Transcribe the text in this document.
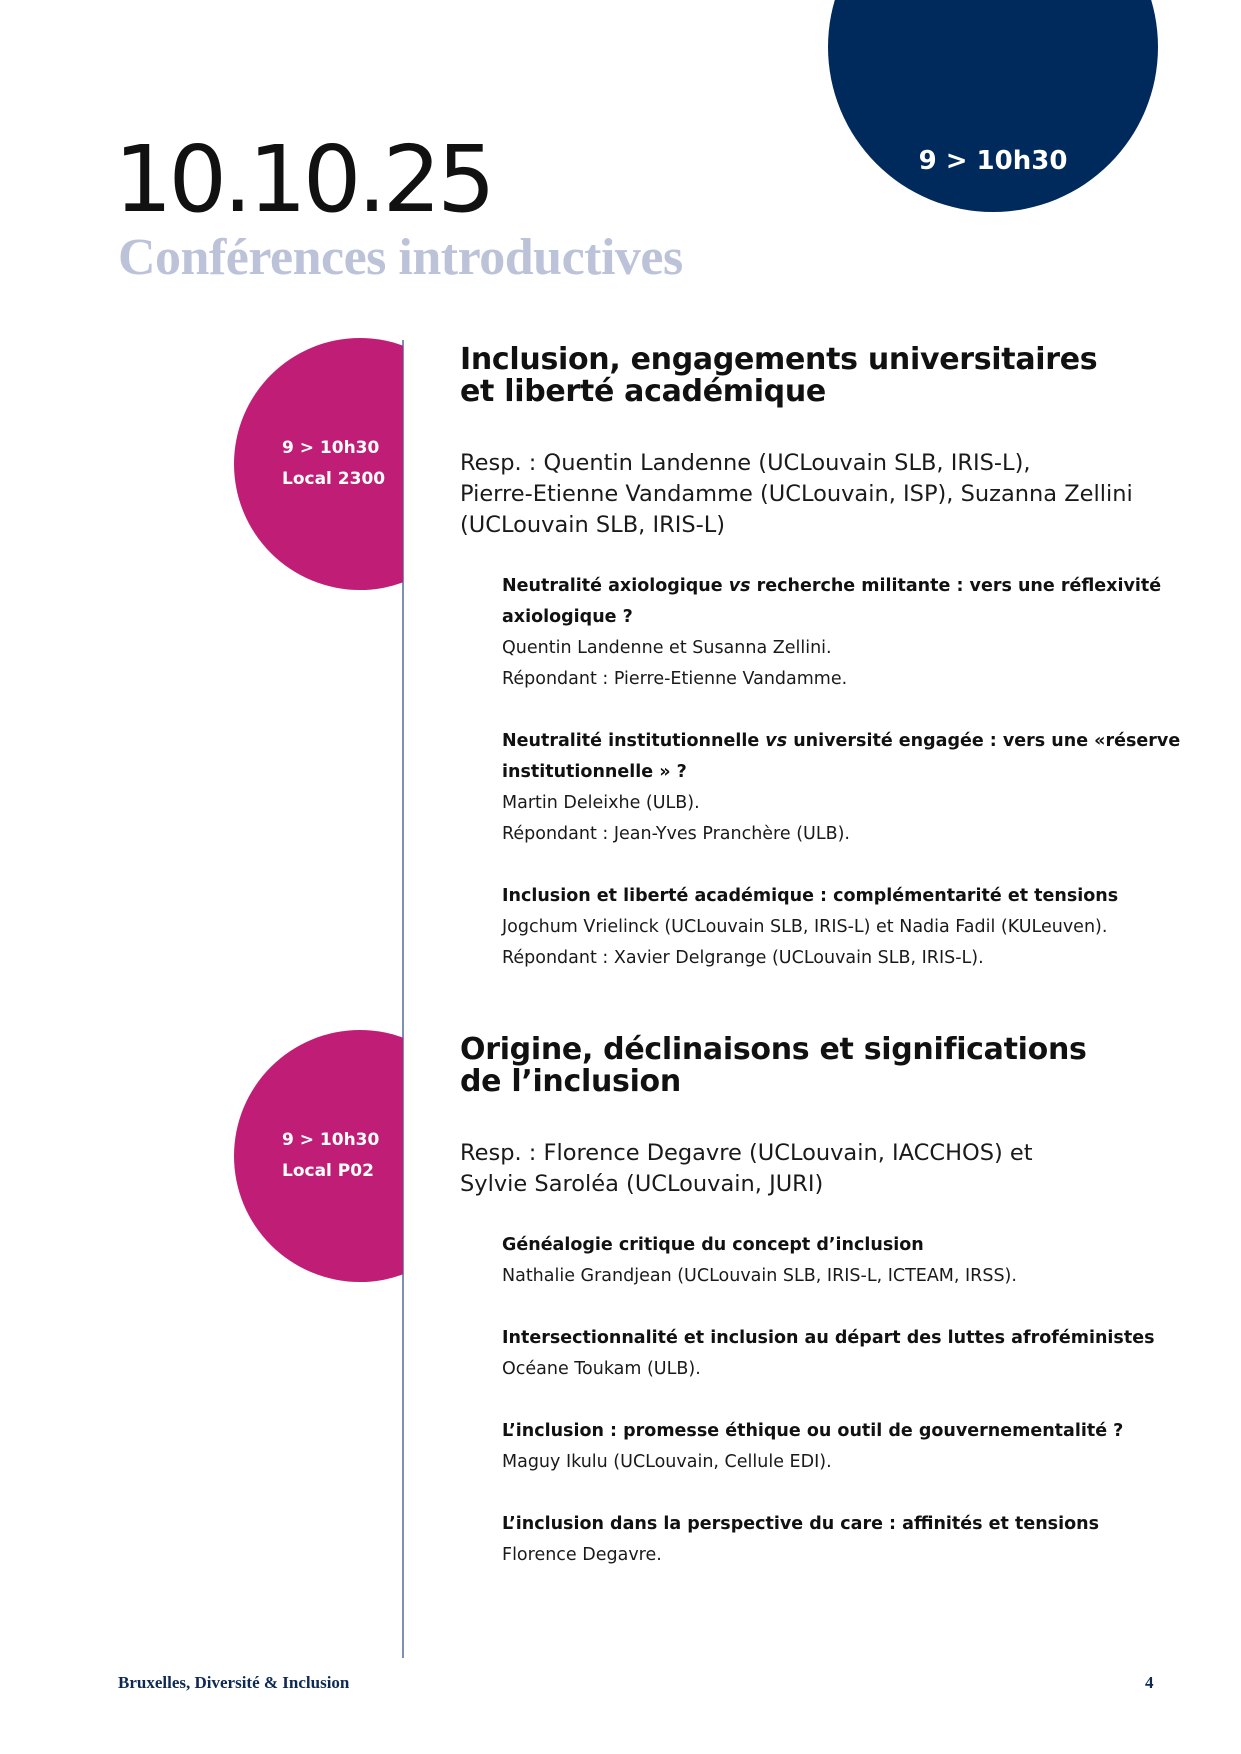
9 > 10h30
10.10.25
Conférences introductives
9 > 10h30
Local 2300
Inclusion, engagements universitaires
et liberté académique

Resp. : Quentin Landenne (UCLouvain SLB, IRIS-L),
Pierre-Etienne Vandamme (UCLouvain, ISP), Suzanna Zellini
(UCLouvain SLB, IRIS-L)

Neutralité axiologique vs recherche militante : vers une réflexivité
axiologique ?
Quentin Landenne et Susanna Zellini.
Répondant : Pierre-Etienne Vandamme.
Neutralité institutionnelle vs université engagée : vers une «réserve
institutionnelle » ?
Martin Deleixhe (ULB).
Répondant : Jean-Yves Pranchère (ULB).
Inclusion et liberté académique : complémentarité et tensions
Jogchum Vrielinck (UCLouvain SLB, IRIS-L) et Nadia Fadil (KULeuven).
Répondant : Xavier Delgrange (UCLouvain SLB, IRIS-L).
9 > 10h30
Local P02
Origine, déclinaisons et significations
de l’inclusion

Resp. : Florence Degavre (UCLouvain, IACCHOS) et
Sylvie Saroléa (UCLouvain, JURI)

Généalogie critique du concept d’inclusion
Nathalie Grandjean (UCLouvain SLB, IRIS-L, ICTEAM, IRSS).
Intersectionnalité et inclusion au départ des luttes afroféministes
Océane Toukam (ULB).
L’inclusion : promesse éthique ou outil de gouvernementalité ?
Maguy Ikulu (UCLouvain, Cellule EDI).
L’inclusion dans la perspective du care : affinités et tensions
Florence Degavre.
Bruxelles, Diversité & Inclusion	4
